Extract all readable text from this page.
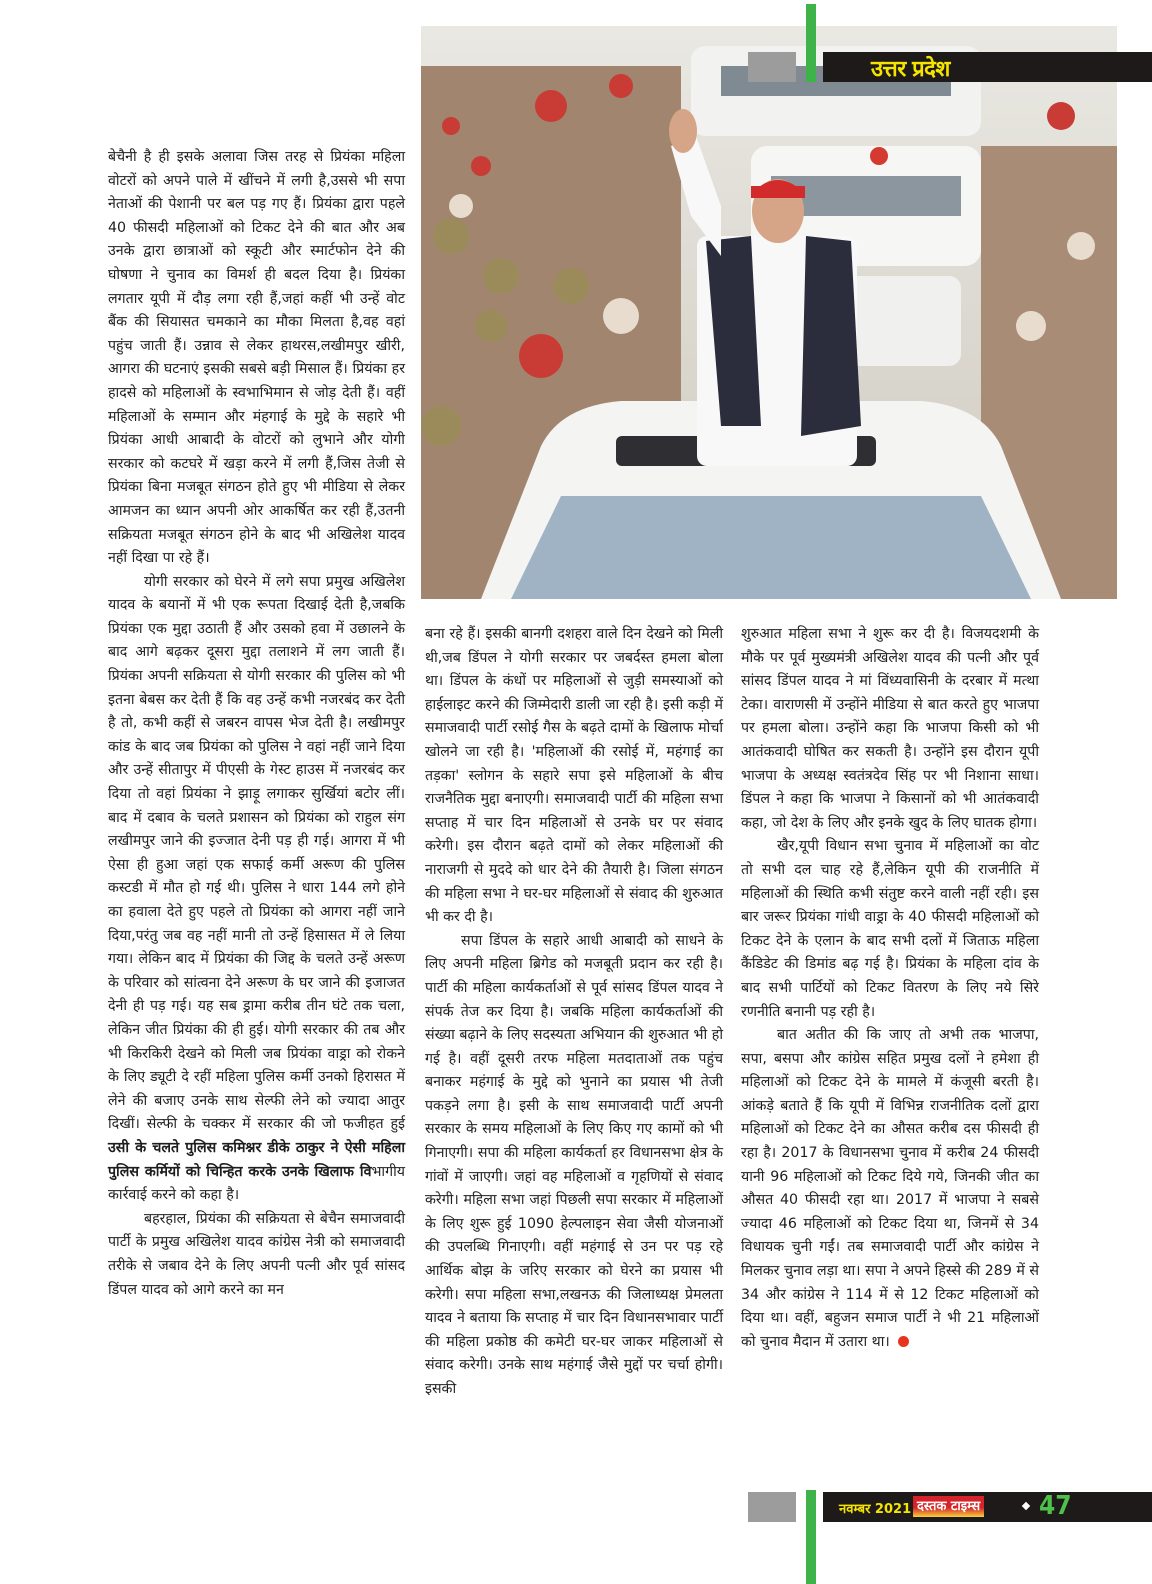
उत्तर प्रदेश

बेचैनी है ही इसके अलावा जिस तरह से प्रियंका महिला वोटरों को अपने पाले में खींचने में लगी है,उससे भी सपा नेताओं की पेशानी पर बल पड़ गए हैं। प्रियंका द्वारा पहले 40 फीसदी महिलाओं को टिकट देने की बात और अब उनके द्वारा छात्राओं को स्कूटी और स्मार्टफोन देने की घोषणा ने चुनाव का विमर्श ही बदल दिया है। प्रियंका लगतार यूपी में दौड़ लगा रही हैं,जहां कहीं भी उन्हें वोट बैंक की सियासत चमकाने का मौका मिलता है,वह वहां पहुंच जाती हैं। उन्नाव से लेकर हाथरस,लखीमपुर खीरी, आगरा की घटनाएं इसकी सबसे बड़ी मिसाल हैं। प्रियंका हर हादसे को महिलाओं के स्वभाभिमान से जोड़ देती हैं। वहीं महिलाओं के सम्मान और मंहगाई के मुद्दे के सहारे भी प्रियंका आधी आबादी के वोटरों को लुभाने और योगी सरकार को कटघरे में खड़ा करने में लगी हैं,जिस तेजी से प्रियंका बिना मजबूत संगठन होते हुए भी मीडिया से लेकर आमजन का ध्यान अपनी ओर आकर्षित कर रही हैं,उतनी सक्रियता मजबूत संगठन होने के बाद भी अखिलेश यादव नहीं दिखा पा रहे हैं।

योगी सरकार को घेरने में लगे सपा प्रमुख अखिलेश यादव के बयानों में भी एक रूपता दिखाई देती है,जबकि प्रियंका एक मुद्दा उठाती हैं और उसको हवा में उछालने के बाद आगे बढ़कर दूसरा मुद्दा तलाशने में लग जाती हैं। प्रियंका अपनी सक्रियता से योगी सरकार की पुलिस को भी इतना बेबस कर देती हैं कि वह उन्हें कभी नजरबंद कर देती है तो, कभी कहीं से जबरन वापस भेज देती है। लखीमपुर कांड के बाद जब प्रियंका को पुलिस ने वहां नहीं जाने दिया और उन्हें सीतापुर में पीएसी के गेस्ट हाउस में नजरबंद कर दिया तो वहां प्रियंका ने झाड़ू लगाकर सुर्खियां बटोर लीं। बाद में दबाव के चलते प्रशासन को प्रियंका को राहुल संग लखीमपुर जाने की इज्जात देनी पड़ ही गई। आगरा में भी ऐसा ही हुआ जहां एक सफाई कर्मी अरूण की पुलिस कस्टडी में मौत हो गई थी। पुलिस ने धारा 144 लगे होने का हवाला देते हुए पहले तो प्रियंका को आगरा नहीं जाने दिया,परंतु जब वह नहीं मानी तो उन्हें हिसासत में ले लिया गया। लेकिन बाद में प्रियंका की जिद्द के चलते उन्हें अरूण के परिवार को सांत्वना देने अरूण के घर जाने की इजाजत देनी ही पड़ गई। यह सब ड्रामा करीब तीन घंटे तक चला, लेकिन जीत प्रियंका की ही हुई। योगी सरकार की तब और भी किरकिरी देखने को मिली जब प्रियंका वाड्रा को रोकने के लिए ड्यूटी दे रहीं महिला पुलिस कर्मी उनको हिरासत में लेने की बजाए उनके साथ सेल्फी लेने को ज्यादा आतुर दिखीं। सेल्फी के चक्कर में सरकार की जो फजीहत हुई उसी के चलते पुलिस कमिश्नर डीके ठाकुर ने ऐसी महिला पुलिस कर्मियों को चिन्हित करके उनके खिलाफ विभागीय कार्रवाई करने को कहा है।

बहरहाल, प्रियंका की सक्रियता से बेचैन समाजवादी पार्टी के प्रमुख अखिलेश यादव कांग्रेस नेत्री को समाजवादी तरीके से जबाव देने के लिए अपनी पत्नी और पूर्व सांसद डिंपल यादव को आगे करने का मन

बना रहे हैं। इसकी बानगी दशहरा वाले दिन देखने को मिली थी,जब डिंपल ने योगी सरकार पर जबर्दस्त हमला बोला था। डिंपल के कंधों पर महिलाओं से जुड़ी समस्याओं को हाईलाइट करने की जिम्मेदारी डाली जा रही है। इसी कड़ी में समाजवादी पार्टी रसोई गैस के बढ़ते दामों के खिलाफ मोर्चा खोलने जा रही है। 'महिलाओं की रसोई में, महंगाई का तड़का' स्लोगन के सहारे सपा इसे महिलाओं के बीच राजनैतिक मुद्दा बनाएगी। समाजवादी पार्टी की महिला सभा सप्ताह में चार दिन महिलाओं से उनके घर पर संवाद करेगी। इस दौरान बढ़ते दामों को लेकर महिलाओं की नाराजगी से मुददे को धार देने की तैयारी है। जिला संगठन की महिला सभा ने घर-घर महिलाओं से संवाद की शुरुआत भी कर दी है।

सपा डिंपल के सहारे आधी आबादी को साधने के लिए अपनी महिला ब्रिगेड को मजबूती प्रदान कर रही है।पार्टी की महिला कार्यकर्ताओं से पूर्व सांसद डिंपल यादव ने संपर्क तेज कर दिया है। जबकि महिला कार्यकर्ताओं की संख्या बढ़ाने के लिए सदस्यता अभियान की शुरुआत भी हो गई है। वहीं दूसरी तरफ महिला मतदाताओं तक पहुंच बनाकर महंगाई के मुद्दे को भुनाने का प्रयास भी तेजी पकड़ने लगा है। इसी के साथ समाजवादी पार्टी अपनी सरकार के समय महिलाओं के लिए किए गए कामों को भी गिनाएगी। सपा की महिला कार्यकर्ता हर विधानसभा क्षेत्र के गांवों में जाएगी। जहां वह महिलाओं व गृहणियों से संवाद करेगी। महिला सभा जहां पिछली सपा सरकार में महिलाओं के लिए शुरू हुई 1090 हेल्पलाइन सेवा जैसी योजनाओं की उपलब्धि गिनाएगी। वहीं महंगाई से उन पर पड़ रहे आर्थिक बोझ के जरिए सरकार को घेरने का प्रयास भी करेगी। सपा महिला सभा,लखनऊ की जिलाध्यक्ष प्रेमलता यादव ने बताया कि सप्ताह में चार दिन विधानसभावार पार्टी की महिला प्रकोष्ठ की कमेटी घर-घर जाकर महिलाओं से संवाद करेगी। उनके साथ महंगाई जैसे मुद्दों पर चर्चा होगी। इसकी

शुरुआत महिला सभा ने शुरू कर दी है। विजयदशमी के मौके पर पूर्व मुख्यमंत्री अखिलेश यादव की पत्नी और पूर्व सांसद डिंपल यादव ने मां विंध्यवासिनी के दरबार में मत्था टेका। वाराणसी में उन्होंने मीडिया से बात करते हुए भाजपा पर हमला बोला। उन्होंने कहा कि भाजपा किसी को भी आतंकवादी घोषित कर सकती है। उन्होंने इस दौरान यूपी भाजपा के अध्यक्ष स्वतंत्रदेव सिंह पर भी निशाना साधा। डिंपल ने कहा कि भाजपा ने किसानों को भी आतंकवादी कहा, जो देश के लिए और इनके खुद के लिए घातक होगा।

खैर,यूपी विधान सभा चुनाव में महिलाओं का वोट तो सभी दल चाह रहे हैं,लेकिन यूपी की राजनीति में महिलाओं की स्थिति कभी संतुष्ट करने वाली नहीं रही। इस बार जरूर प्रियंका गांधी वाड्रा के 40 फीसदी महिलाओं को टिकट देने के एलान के बाद सभी दलों में जिताऊ महिला कैंडिडेट की डिमांड बढ़ गई है। प्रियंका के महिला दांव के बाद सभी पार्टियों को टिकट वितरण के लिए नये सिरे रणनीति बनानी पड़ रही है।

बात अतीत की कि जाए तो अभी तक भाजपा, सपा, बसपा और कांग्रेस सहित प्रमुख दलों ने हमेशा ही महिलाओं को टिकट देने के मामले में कंजूसी बरती है। आंकड़े बताते हैं कि यूपी में विभिन्न राजनीतिक दलों द्वारा महिलाओं को टिकट देने का औसत करीब दस फीसदी ही रहा है। 2017 के विधानसभा चुनाव में करीब 24 फीसदी यानी 96 महिलाओं को टिकट दिये गये, जिनकी जीत का औसत 40 फीसदी रहा था। 2017 में भाजपा ने सबसे ज्यादा 46 महिलाओं को टिकट दिया था, जिनमें से 34 विधायक चुनी गईं। तब समाजवादी पार्टी और कांग्रेस ने मिलकर चुनाव लड़ा था। सपा ने अपने हिस्से की 289 में से 34 और कांग्रेस ने 114 में से 12 टिकट महिलाओं को दिया था। वहीं, बहुजन समाज पार्टी ने भी 21 महिलाओं को चुनाव मैदान में उतारा था।

नवम्बर 2021 दस्तक टाइम्स 47
